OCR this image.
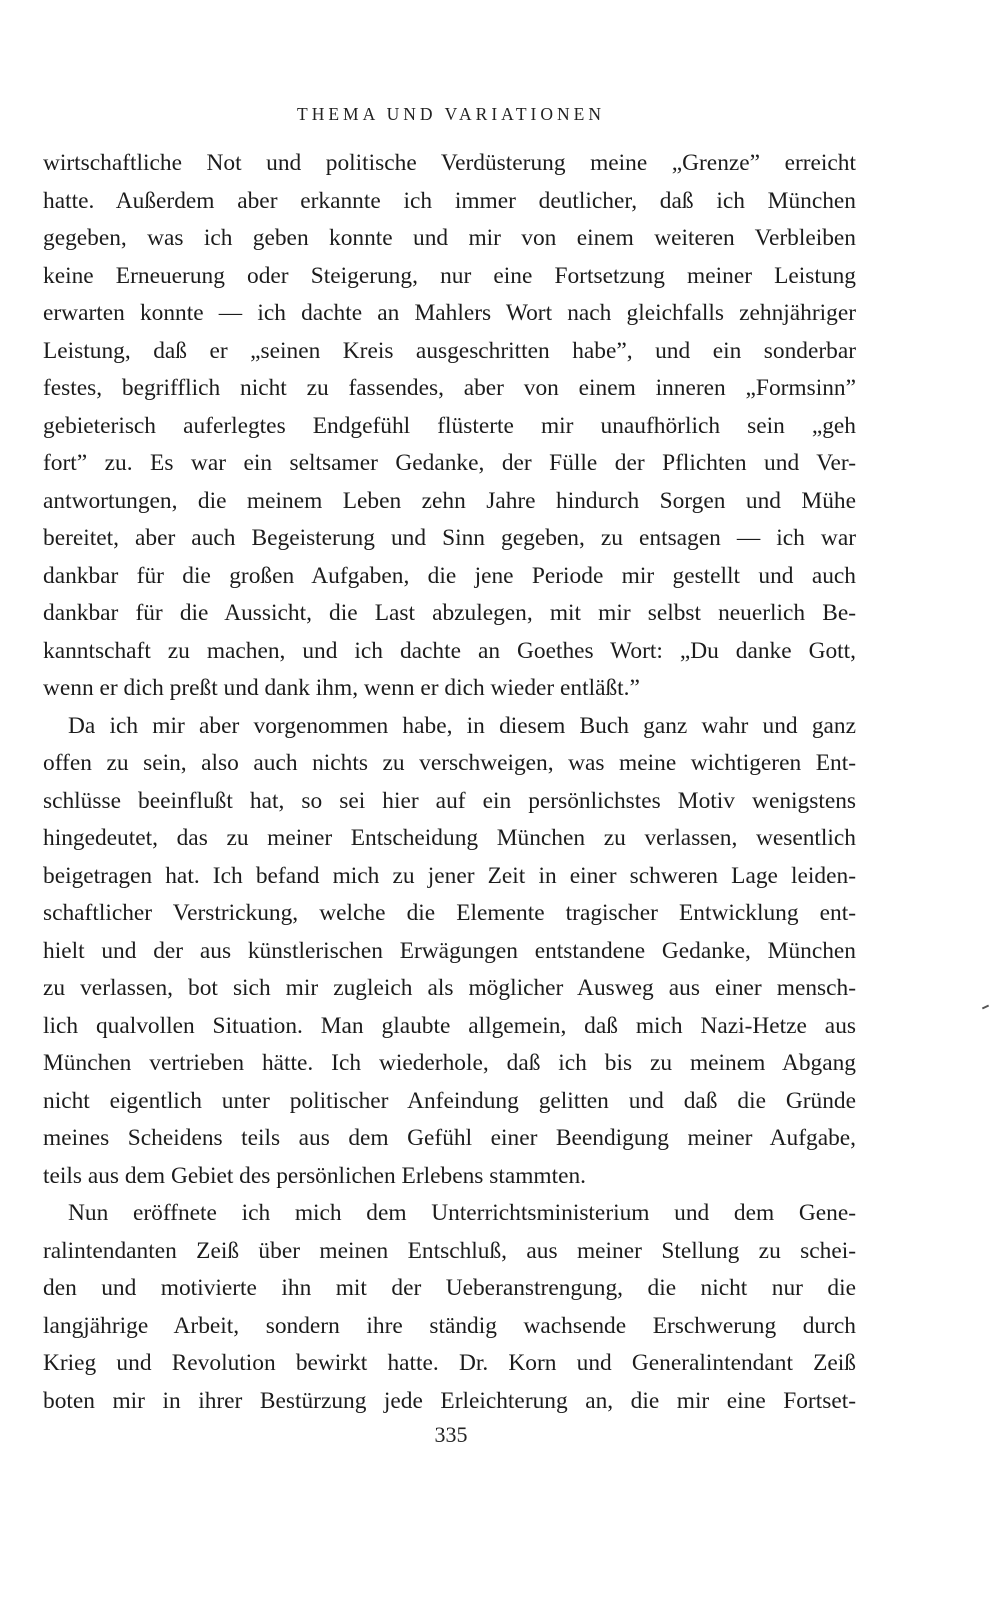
THEMA UND VARIATIONEN
wirtschaftliche Not und politische Verdüsterung meine „Grenze” erreicht
hatte. Außerdem aber erkannte ich immer deutlicher, daß ich München
gegeben, was ich geben konnte und mir von einem weiteren Verbleiben
keine Erneuerung oder Steigerung, nur eine Fortsetzung meiner Leistung
erwarten konnte — ich dachte an Mahlers Wort nach gleichfalls zehnjähriger
Leistung, daß er „seinen Kreis ausgeschritten habe”, und ein sonderbar
festes, begrifflich nicht zu fassendes, aber von einem inneren „Formsinn”
gebieterisch auferlegtes Endgefühl flüsterte mir unaufhörlich sein „geh
fort” zu. Es war ein seltsamer Gedanke, der Fülle der Pflichten und Ver-
antwortungen, die meinem Leben zehn Jahre hindurch Sorgen und Mühe
bereitet, aber auch Begeisterung und Sinn gegeben, zu entsagen — ich war
dankbar für die großen Aufgaben, die jene Periode mir gestellt und auch
dankbar für die Aussicht, die Last abzulegen, mit mir selbst neuerlich Be-
kanntschaft zu machen, und ich dachte an Goethes Wort: „Du danke Gott,
wenn er dich preßt und dank ihm, wenn er dich wieder entläßt.”
Da ich mir aber vorgenommen habe, in diesem Buch ganz wahr und ganz
offen zu sein, also auch nichts zu verschweigen, was meine wichtigeren Ent-
schlüsse beeinflußt hat, so sei hier auf ein persönlichstes Motiv wenigstens
hingedeutet, das zu meiner Entscheidung München zu verlassen, wesentlich
beigetragen hat. Ich befand mich zu jener Zeit in einer schweren Lage leiden-
schaftlicher Verstrickung, welche die Elemente tragischer Entwicklung ent-
hielt und der aus künstlerischen Erwägungen entstandene Gedanke, München
zu verlassen, bot sich mir zugleich als möglicher Ausweg aus einer mensch-
lich qualvollen Situation. Man glaubte allgemein, daß mich Nazi-Hetze aus
München vertrieben hätte. Ich wiederhole, daß ich bis zu meinem Abgang
nicht eigentlich unter politischer Anfeindung gelitten und daß die Gründe
meines Scheidens teils aus dem Gefühl einer Beendigung meiner Aufgabe,
teils aus dem Gebiet des persönlichen Erlebens stammten.
Nun eröffnete ich mich dem Unterrichtsministerium und dem Gene-
ralintendanten Zeiß über meinen Entschluß, aus meiner Stellung zu schei-
den und motivierte ihn mit der Ueberanstrengung, die nicht nur die
langjährige Arbeit, sondern ihre ständig wachsende Erschwerung durch
Krieg und Revolution bewirkt hatte. Dr. Korn und Generalintendant Zeiß
boten mir in ihrer Bestürzung jede Erleichterung an, die mir eine Fortset-
335
